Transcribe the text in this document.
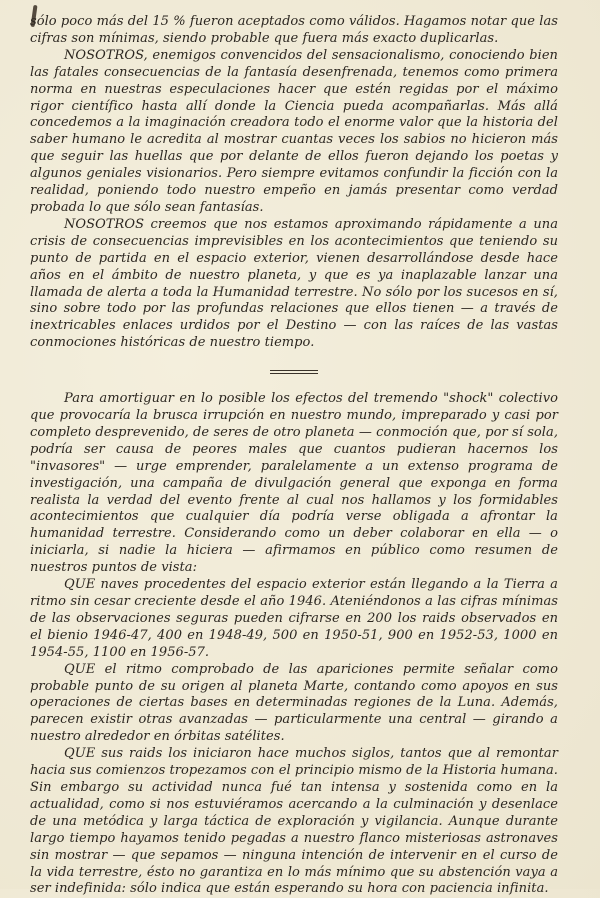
sólo poco más del 15 % fueron aceptados como válidos. Hagamos notar que las cifras son mínimas, siendo probable que fuera más exacto duplicarlas.

NOSOTROS, enemigos convencidos del sensacionalismo, conociendo bien las fatales consecuencias de la fantasía desenfrenada, tenemos como primera norma en nuestras especulaciones hacer que estén regidas por el máximo rigor científico hasta allí donde la Ciencia pueda acompañarlas. Más allá concedemos a la imaginación creadora todo el enorme valor que la historia del saber humano le acredita al mostrar cuantas veces los sabios no hicieron más que seguir las huellas que por delante de ellos fueron dejando los poetas y algunos geniales visionarios. Pero siempre evitamos confundir la ficción con la realidad, poniendo todo nuestro empeño en jamás presentar como verdad probada lo que sólo sean fantasías.

NOSOTROS creemos que nos estamos aproximando rápidamente a una crisis de consecuencias imprevisibles en los acontecimientos que teniendo su punto de partida en el espacio exterior, vienen desarrollándose desde hace años en el ámbito de nuestro planeta, y que es ya inaplazable lanzar una llamada de alerta a toda la Humanidad terrestre. No sólo por los sucesos en sí, sino sobre todo por las profundas relaciones que ellos tienen — a través de inextricables enlaces urdidos por el Destino — con las raíces de las vastas conmociones históricas de nuestro tiempo.

Para amortiguar en lo posible los efectos del tremendo "shock" colectivo que provocaría la brusca irrupción en nuestro mundo, impreparado y casi por completo desprevenido, de seres de otro planeta — conmoción que, por sí sola, podría ser causa de peores males que cuantos pudieran hacernos los "invasores" — urge emprender, paralelamente a un extenso programa de investigación, una campaña de divulgación general que exponga en forma realista la verdad del evento frente al cual nos hallamos y los formidables acontecimientos que cualquier día podría verse obligada a afrontar la humanidad terrestre. Considerando como un deber colaborar en ella — o iniciarla, si nadie la hiciera — afirmamos en público como resumen de nuestros puntos de vista:

QUE naves procedentes del espacio exterior están llegando a la Tierra a ritmo sin cesar creciente desde el año 1946. Ateniéndonos a las cifras mínimas de las observaciones seguras pueden cifrarse en 200 los raids observados en el bienio 1946-47, 400 en 1948-49, 500 en 1950-51, 900 en 1952-53, 1000 en 1954-55, 1100 en 1956-57.

QUE el ritmo comprobado de las apariciones permite señalar como probable punto de su origen al planeta Marte, contando como apoyos en sus operaciones de ciertas bases en determinadas regiones de la Luna. Además, parecen existir otras avanzadas — particularmente una central — girando a nuestro alrededor en órbitas satélites.

QUE sus raids los iniciaron hace muchos siglos, tantos que al remontar hacia sus comienzos tropezamos con el principio mismo de la Historia humana. Sin embargo su actividad nunca fué tan intensa y sostenida como en la actualidad, como si nos estuviéramos acercando a la culminación y desenlace de una metódica y larga táctica de exploración y vigilancia. Aunque durante largo tiempo hayamos tenido pegadas a nuestro flanco misteriosas astronaves sin mostrar — que sepamos — ninguna intención de intervenir en el curso de la vida terrestre, ésto no garantiza en lo más mínimo que su abstención vaya a ser indefinida: sólo indica que están esperando su hora con paciencia infinita.
